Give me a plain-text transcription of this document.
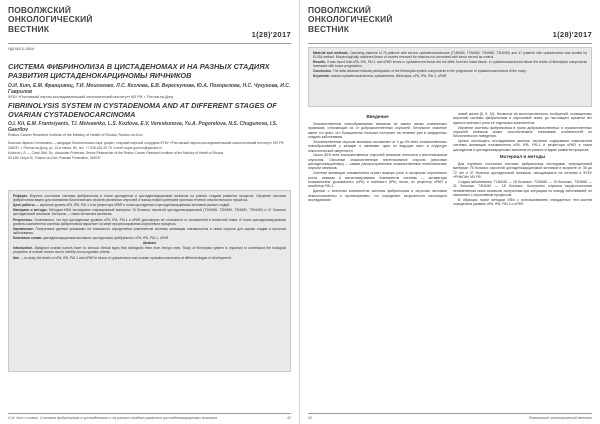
ПОВОЛЖСКИЙ
ОНКОЛОГИЧЕСКИЙ
ВЕСТНИК
1(28)'2017
УДК 618.11-006.6
СИСТЕМА ФИБРИНОЛИЗА В ЦИСТАДЕНОМАХ И НА РАЗНЫХ СТАДИЯХ РАЗВИТИЯ ЦИСТАДЕНОКАРЦИНОМЫ ЯИЧНИКОВ
О.И. Кит, Е.М. Франциянц, Т.И. Моисеенко, Л.С. Козлова, Е.В. Верескунова, Ю.А. Погорелова, Н.С. Чугунова, И.С. Гаврилов
ФГБУ «Ростовский научно-исследовательский онкологический институт» МЗ РФ, г. Ростов-на-Дону
FIBRINOLYSIS SYSTEM IN CYSTADENOMA AND AT DIFFERENT STAGES OF OVARIAN CYSTADENOCARCINOMA
O.I. Kit, E.M. Frantsiyants, T.I. Moiseenko, L.S. Kozlova, E.V. Vereskunova, Yu.A. Pogorelova, N.S. Chugunova, I.S. Gavrilov
Rostov Cancer Research Institute of the Ministry of Health of Russia, Rostov-on-Don

Козлова Лариса Степановна — кандидат биологических наук, доцент, старший научный сотрудник ФГБУ «Ростовский научно-исследовательский онкологический институт» МЗ РФ

344037, г. Ростов-на-Дону, ул. 14-я линия, 63, тел. +7-918-424-29-76, e-mail: super.gormon@yandex.ru

Kozlova L.S. — Cand. Biol. Sc., Associate Professor, Senior Researcher of the Rostov Cancer Research Institute of the Ministry of Health of Russia

63 14th Liniya St., Rostov-on-Don, Russian Federation, 344037

Реферат. Изучено состояние системы фибринолиза в ткани цистаденом и цистаденокарциномы яичников на разных стадиях развития процесса. Изучение системы фибринолиза важно для понимания биологических свойств различных опухолей и поиска новых критериев прогноза течения онкологического процесса.

Цель работы — изучение уровня uPA, tPA, PAI-1 и их рецептора uPAR в ткани цистаденом и цистаденокарциномы яичников разных стадий.

Материал и методы. Методом ИФА исследован операционный материал 76 больных серозной цистаденокарциномой (T1N0M0, T2N0M0, T3N0M0, T3N1M0) и 47 больных цистаденомой яичников. Контроль — ткань интактных яичников.

Результаты. Установлено, что при цистаденоме уровень uPA, tPA, PAI-1 и uPAR достоверно не отличается от показателей в интактной ткани. В ткани цистаденокарциномы уровень компонентов системы фибринолиза нарастает по мере прогрессирования опухолевого процесса.

Заключение. Полученные данные указывают на значимость определения компонентов системы активации плазминогена в ткани опухоли для оценки стадии и прогноза заболевания.

Ключевые слова: цистаденокарцинома яичников, цистаденома, фибринолиз, uPA, tPA, PAI-1, uPAR.

Abstract

Introduction. Malignant ovarian tumors have no obvious clinical signs that distinguish them from benign ones. Study of fibrinolysis system is important to understand the biological properties of ovarian tumors and to identify new prognostic criteria.

Aim — to study the levels of uPA, tPA, PAI-1 and uPAR in tissue of cystadenoma and ovarian cystadenocarcinoma at different stages of development.

О.И. Кит и соавт. Система фибринолиза в цистаденомах и на разных стадиях развития цистаденокарциномы яичников	41
ПОВОЛЖСКИЙ
ОНКОЛОГИЧЕСКИЙ
ВЕСТНИК
1(28)'2017

Material and methods. Operating material of 76 patients with serous cystadenocarcinoma (T1N0M0, T2N0M0, T3N0M0, T3N1M0) and 47 patients with cystadenoma was studied by ELISA method. Morphologically unaltered tissue of ovaries removed for reasons not connected with tumor served as control.

Results. It was found that uPA, tPA, PAI-1 and uPAR levels in cystadenoma tissue did not differ from the intact tissue. In cystadenocarcinoma tissue the levels of fibrinolysis components increased with tumor progression.

Conclusion. The data obtained indicate participation of the fibrinolysis system components in the progression of cystadenocarcinoma of the ovary.

Keywords: ovarian cystadenocarcinoma, cystadenoma, fibrinolysis, uPA, tPA, PAI-1, uPAR.

Введение

Злокачественные новообразования яичников не имеют явных клинических признаков, отличающих их от доброкачественных опухолей. Летальное значение имеет тот факт, что большинство больных поступает на лечение уже в запущенных стадиях заболевания.

Злокачественные опухоли яичников составляют от 4 до 6% всех злокачественных новообразований у женщин и занимают одно из ведущих мест в структуре онкологической смертности.

Около 80% всех злокачественных опухолей яичников относятся к эпителиальным опухолям. Серозные злокачественные эпителиальные опухоли (серозные цистаденокарциномы) — самые распространенные злокачественные эпителиальные опухоли яичников.

Система активации плазминогена играет важную роль в процессах опухолевого роста, инвазии и метастазирования. Компоненты системы — активаторы плазминогена урокиназного (uPA) и тканевого (tPA) типов, их рецептор uPAR и ингибитор PAI-1.

Данные о значении компонентов системы фибринолиза в опухолях яичников немногочисленны и противоречивы, что определяет актуальность настоящего исследования.

новой жизни [8, 9, 10]. Несмотря на многочисленность сообщений, посвященных изучению системы фибринолиза в опухолевой ткани, до настоящего времени нет единого мнения о роли ее отдельных компонентов.

Изучение системы фибринолиза в ткани доброкачественных и злокачественных опухолей яичников может способствовать пониманию особенностей их биологического поведения.

Целью настоящего исследования явилось изучение содержания компонентов системы активации плазминогена uPA, tPA, PAI-1 и рецептора uPAR в ткани цистаденом и цистаденокарциномы яичников на разных стадиях развития процесса.

Материал и методы

Для изучения состояния системы фибринолиза исследован операционный материал 76 больных серозной цистаденокарциномой яичников в возрасте от 38 до 72 лет и 47 больных цистаденомой яичников, находившихся на лечении в ФГБУ «РНИОИ» МЗ РФ.

Стадия заболевания: T1N0M0 — 18 больных, T2N0M0 — 19 больных, T3N0M0 — 21 больная, T3N1M0 — 18 больных. Контролем служила морфологически неизмененная ткань яичников, полученная при операциях по поводу заболеваний, не связанных с опухолевым процессом.

В образцах ткани методом ИФА с использованием стандартных тест-систем определяли уровень uPA, tPA, PAI-1 и uPAR.

42	Поволжский онкологический вестник
